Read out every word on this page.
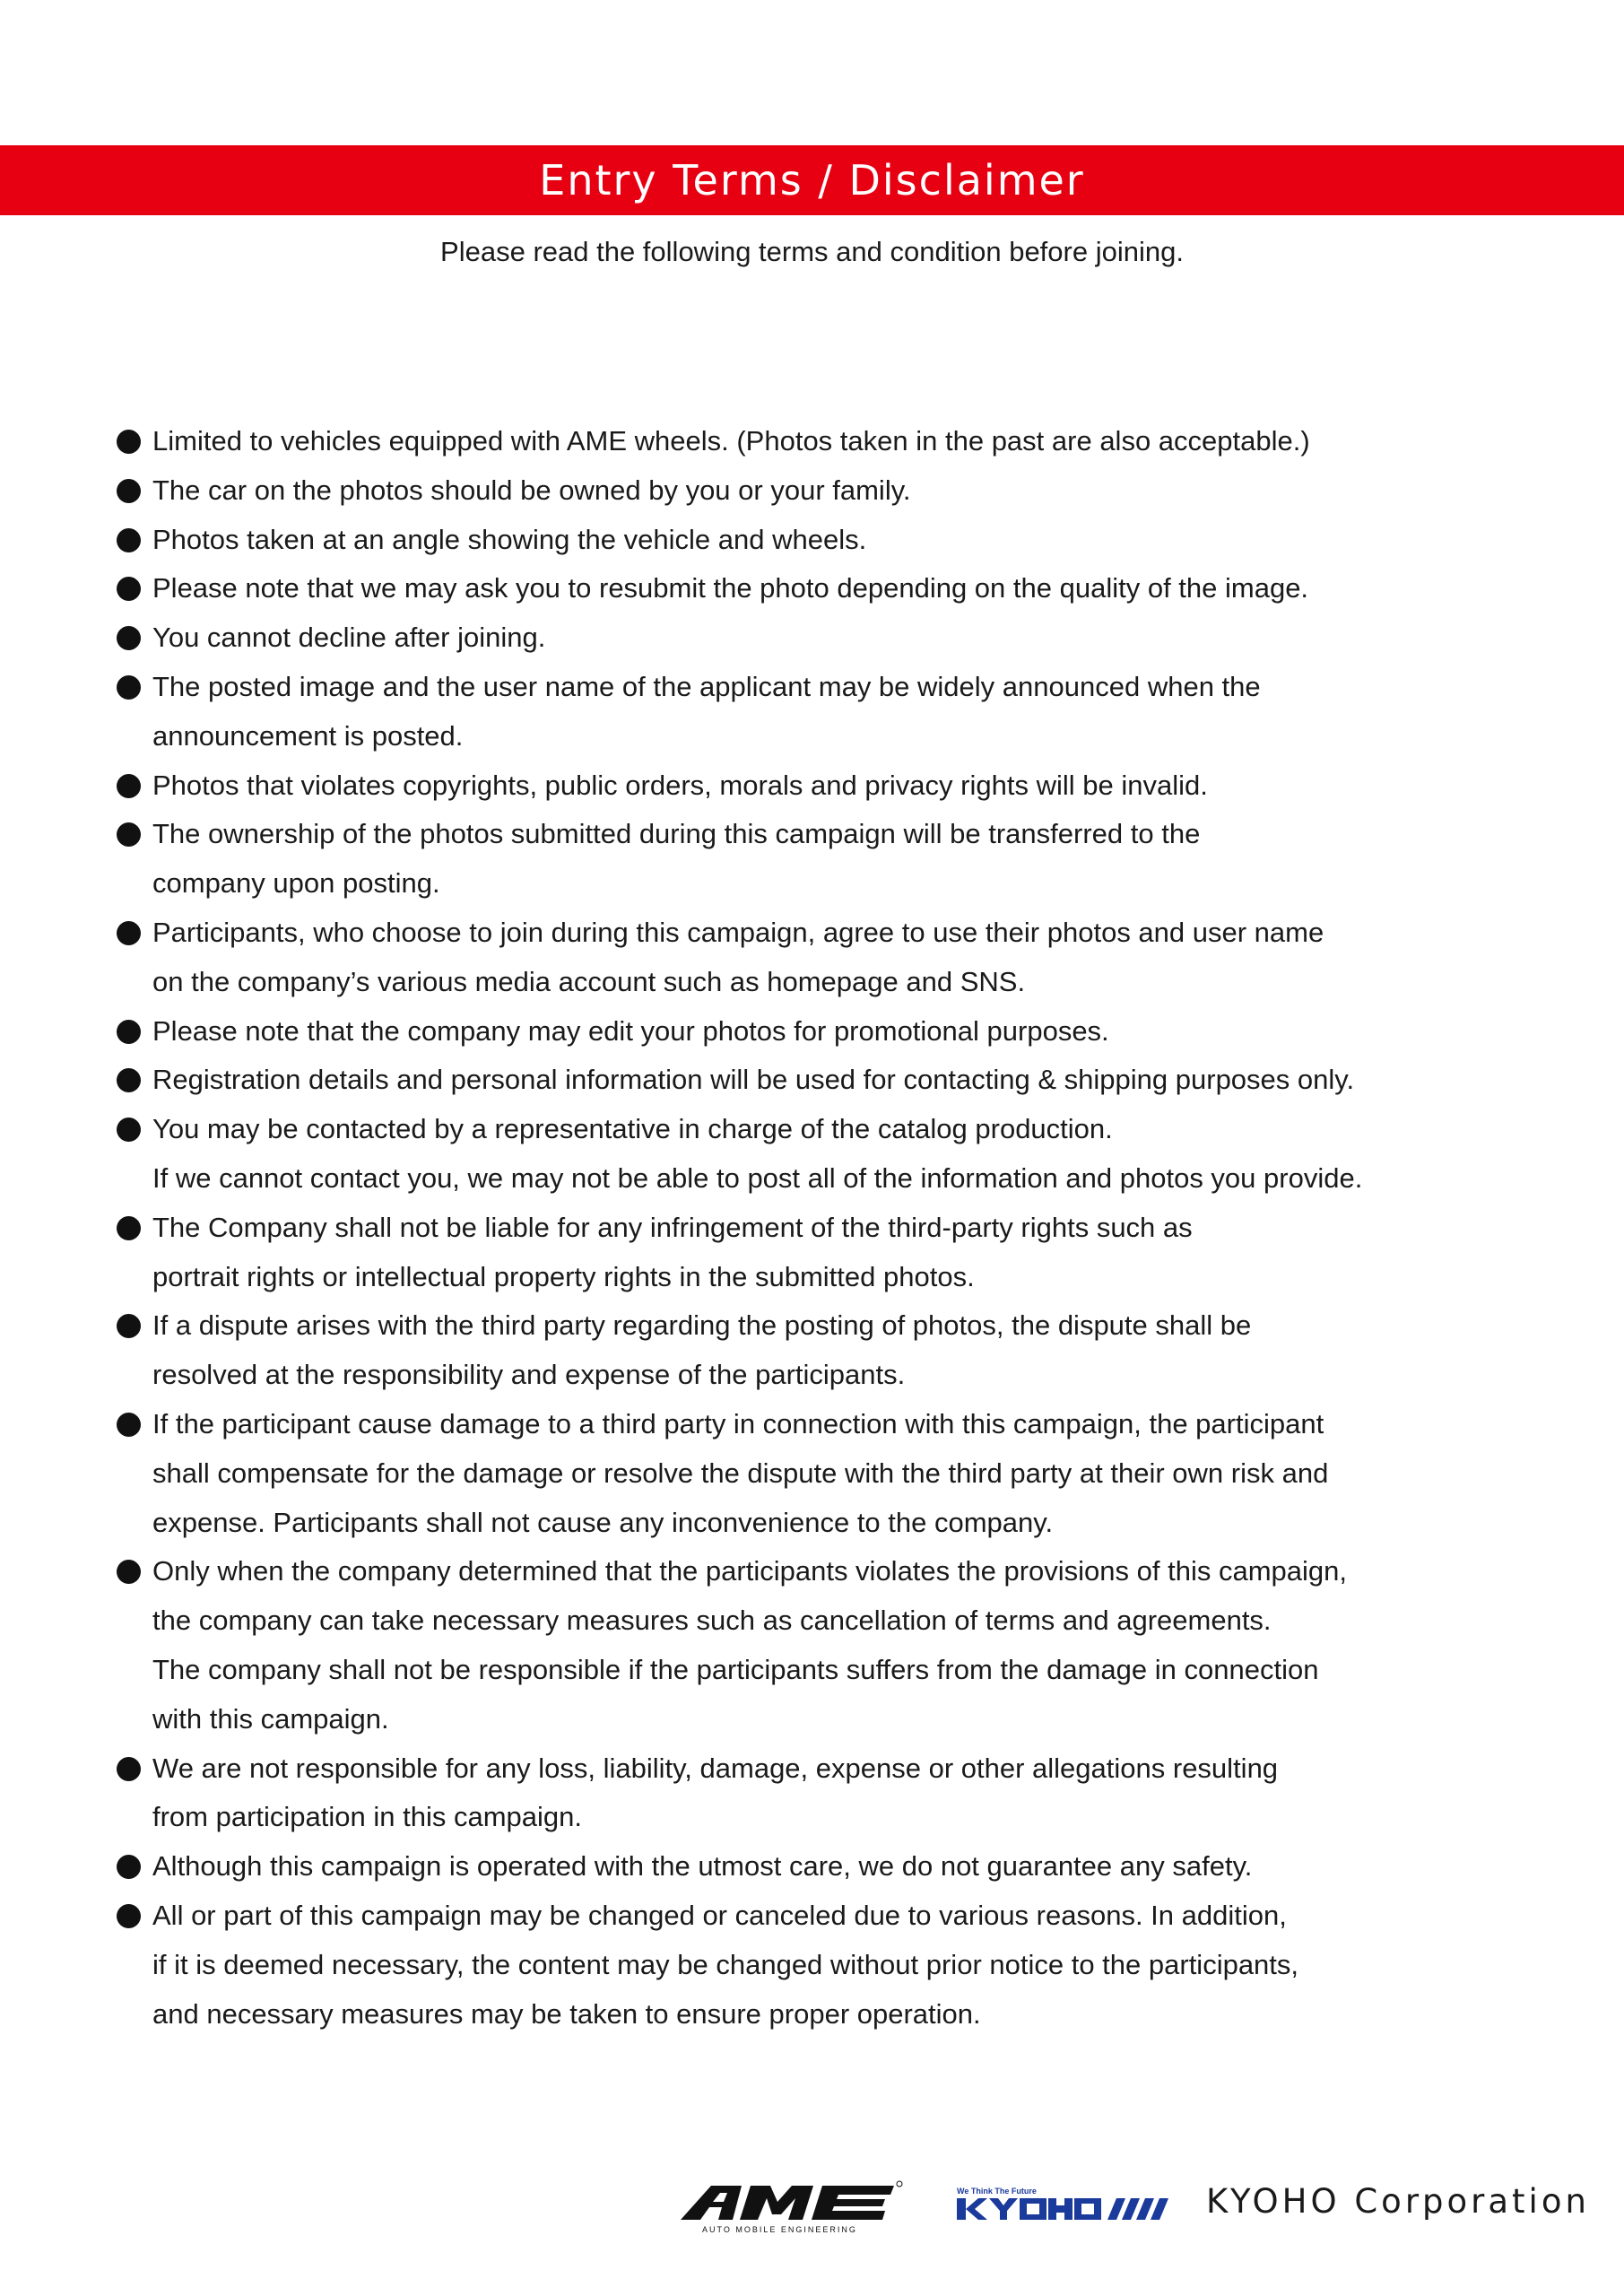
Entry Terms / Disclaimer
Please read the following terms and condition before joining.
Limited to vehicles equipped with AME wheels. (Photos taken in the past are also acceptable.)
The car on the photos should be owned by you or your family.
Photos taken at an angle showing the vehicle and wheels.
Please note that we may ask you to resubmit the photo depending on the quality of the image.
You cannot decline after joining.
The posted image and the user name of the applicant may be widely announced when the
announcement is posted.
Photos that violates copyrights, public orders, morals and privacy rights will be invalid.
The ownership of the photos submitted during this campaign will be transferred to the
company upon posting.
Participants, who choose to join during this campaign, agree to use their photos and user name
on the company’s various media account such as homepage and SNS.
Please note that the company may edit your photos for promotional purposes.
Registration details and personal information will be used for contacting & shipping purposes only.
You may be contacted by a representative in charge of the catalog production.
If we cannot contact you, we may not be able to post all of the information and photos you provide.
The Company shall not be liable for any infringement of the third-party rights such as
portrait rights or intellectual property rights in the submitted photos.
If a dispute arises with the third party regarding the posting of photos, the dispute shall be
resolved at the responsibility and expense of the participants.
If the participant cause damage to a third party in connection with this campaign, the participant
shall compensate for the damage or resolve the dispute with the third party at their own risk and
expense. Participants shall not cause any inconvenience to the company.
Only when the company determined that the participants violates the provisions of this campaign,
the company can take necessary measures such as cancellation of terms and agreements.
The company shall not be responsible if the participants suffers from the damage in connection
with this campaign.
We are not responsible for any loss, liability, damage, expense or other allegations resulting
from participation in this campaign.
Although this campaign is operated with the utmost care, we do not guarantee any safety.
All or part of this campaign may be changed or canceled due to various reasons. In addition,
if it is deemed necessary, the content may be changed without prior notice to the participants,
and necessary measures may be taken to ensure proper operation.
AUTO MOBILE ENGINEERING
We Think The Future	KYOHO Corporation
